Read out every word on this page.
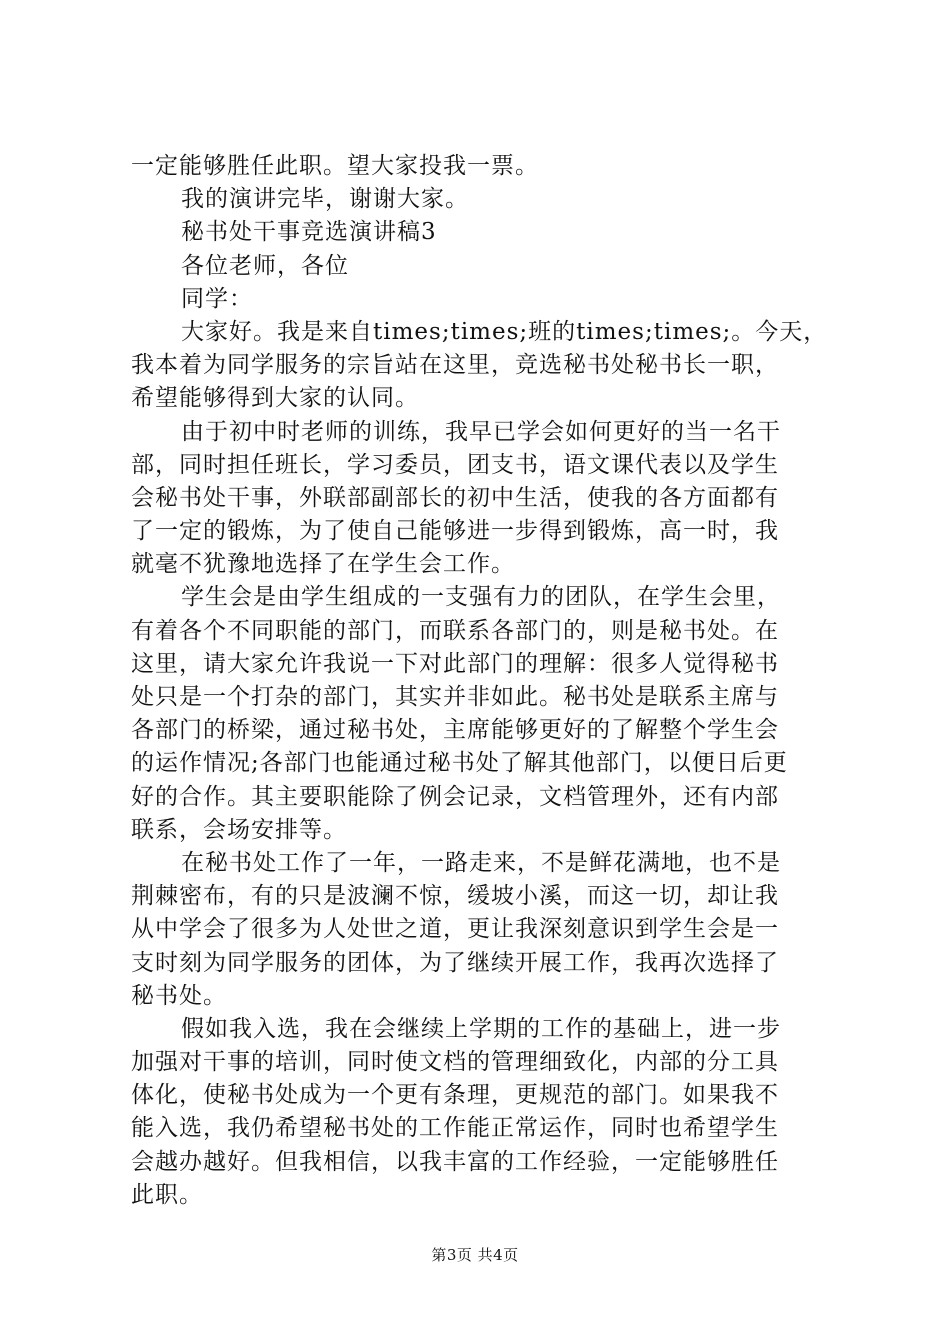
一定能够胜任此职。望大家投我一票。
我的演讲完毕，谢谢大家。
秘书处干事竞选演讲稿3
各位老师，各位
同学：
大家好。我是来自times;times;班的times;times;。今天，
我本着为同学服务的宗旨站在这里，竞选秘书处秘书长一职，
希望能够得到大家的认同。
由于初中时老师的训练，我早已学会如何更好的当一名干
部，同时担任班长，学习委员，团支书，语文课代表以及学生
会秘书处干事，外联部副部长的初中生活，使我的各方面都有
了一定的锻炼，为了使自己能够进一步得到锻炼，高一时，我
就毫不犹豫地选择了在学生会工作。
学生会是由学生组成的一支强有力的团队，在学生会里，
有着各个不同职能的部门，而联系各部门的，则是秘书处。在
这里，请大家允许我说一下对此部门的理解：很多人觉得秘书
处只是一个打杂的部门，其实并非如此。秘书处是联系主席与
各部门的桥梁，通过秘书处，主席能够更好的了解整个学生会
的运作情况;各部门也能通过秘书处了解其他部门，以便日后更
好的合作。其主要职能除了例会记录，文档管理外，还有内部
联系，会场安排等。
在秘书处工作了一年，一路走来，不是鲜花满地，也不是
荆棘密布，有的只是波澜不惊，缓坡小溪，而这一切，却让我
从中学会了很多为人处世之道，更让我深刻意识到学生会是一
支时刻为同学服务的团体，为了继续开展工作，我再次选择了
秘书处。
假如我入选，我在会继续上学期的工作的基础上，进一步
加强对干事的培训，同时使文档的管理细致化，内部的分工具
体化，使秘书处成为一个更有条理，更规范的部门。如果我不
能入选，我仍希望秘书处的工作能正常运作，同时也希望学生
会越办越好。但我相信，以我丰富的工作经验，一定能够胜任
此职。
第3页 共4页
